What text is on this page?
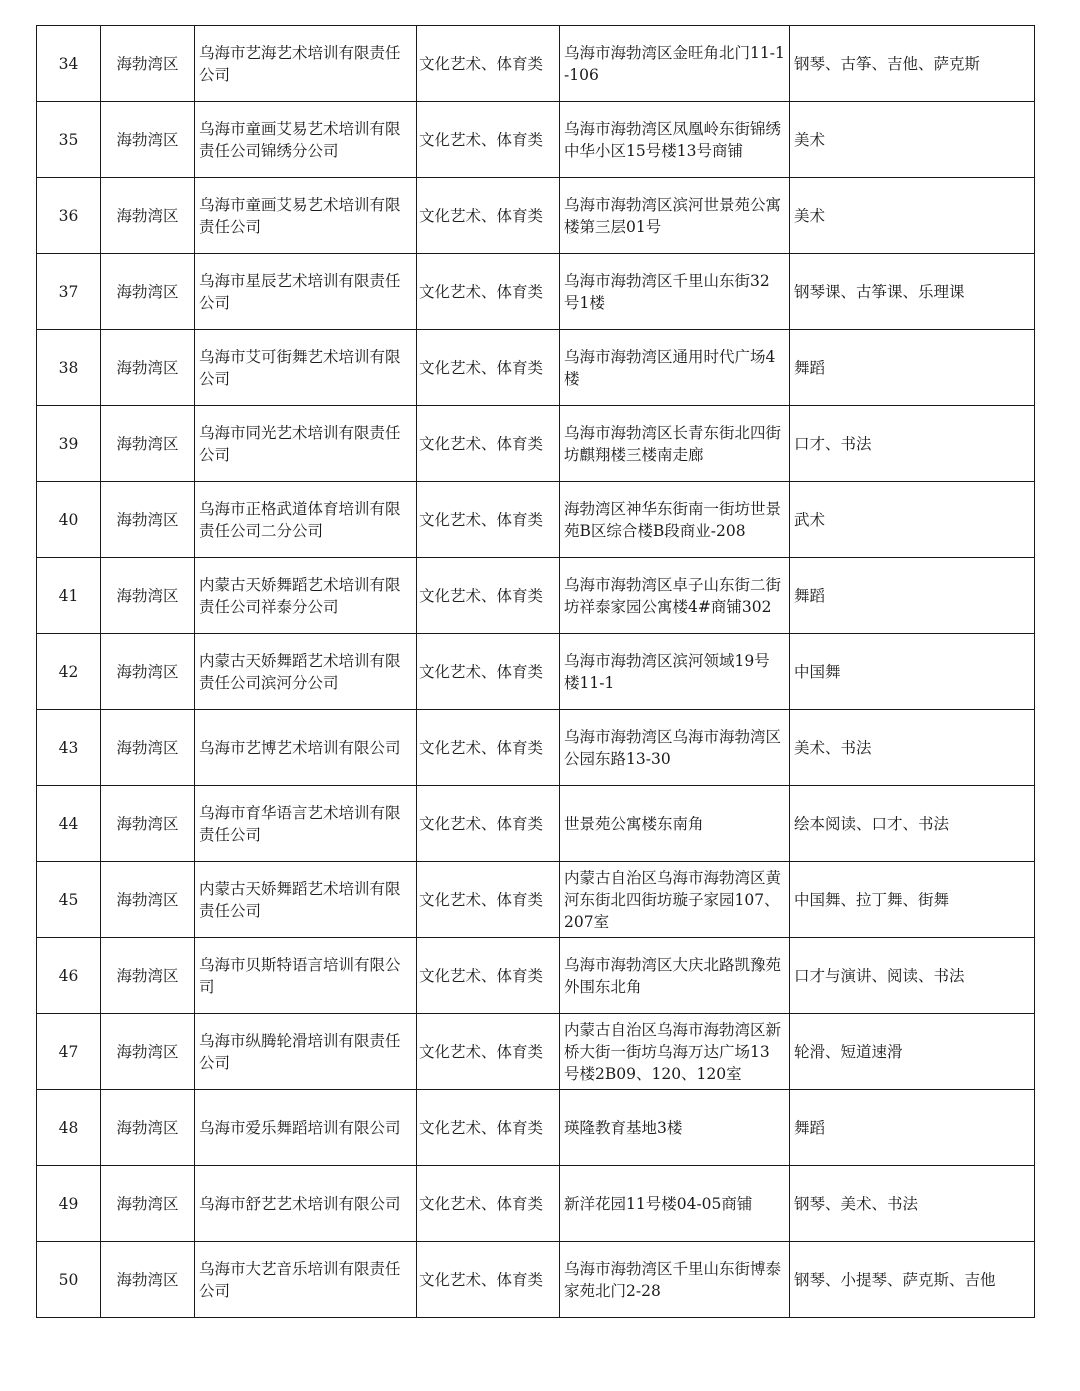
34	海勃湾区	乌海市艺海艺术培训有限责任公司	文化艺术、体育类	乌海市海勃湾区金旺角北门11-1-106	钢琴、古筝、吉他、萨克斯
35	海勃湾区	乌海市童画艾易艺术培训有限责任公司锦绣分公司	文化艺术、体育类	乌海市海勃湾区凤凰岭东街锦绣中华小区15号楼13号商铺	美术
36	海勃湾区	乌海市童画艾易艺术培训有限责任公司	文化艺术、体育类	乌海市海勃湾区滨河世景苑公寓楼第三层01号	美术
37	海勃湾区	乌海市星辰艺术培训有限责任公司	文化艺术、体育类	乌海市海勃湾区千里山东街32号1楼	钢琴课、古筝课、乐理课
38	海勃湾区	乌海市艾可街舞艺术培训有限公司	文化艺术、体育类	乌海市海勃湾区通用时代广场4楼	舞蹈
39	海勃湾区	乌海市同光艺术培训有限责任公司	文化艺术、体育类	乌海市海勃湾区长青东街北四街坊麒翔楼三楼南走廊	口才、书法
40	海勃湾区	乌海市正格武道体育培训有限责任公司二分公司	文化艺术、体育类	海勃湾区神华东街南一街坊世景苑B区综合楼B段商业-208	武术
41	海勃湾区	内蒙古天娇舞蹈艺术培训有限责任公司祥泰分公司	文化艺术、体育类	乌海市海勃湾区卓子山东街二街坊祥泰家园公寓楼4#商铺302	舞蹈
42	海勃湾区	内蒙古天娇舞蹈艺术培训有限责任公司滨河分公司	文化艺术、体育类	乌海市海勃湾区滨河领域19号楼11-1	中国舞
43	海勃湾区	乌海市艺博艺术培训有限公司	文化艺术、体育类	乌海市海勃湾区乌海市海勃湾区公园东路13-30	美术、书法
44	海勃湾区	乌海市育华语言艺术培训有限责任公司	文化艺术、体育类	世景苑公寓楼东南角	绘本阅读、口才、书法
45	海勃湾区	内蒙古天娇舞蹈艺术培训有限责任公司	文化艺术、体育类	内蒙古自治区乌海市海勃湾区黄河东街北四街坊璇子家园107、207室	中国舞、拉丁舞、街舞
46	海勃湾区	乌海市贝斯特语言培训有限公司	文化艺术、体育类	乌海市海勃湾区大庆北路凯豫苑外围东北角	口才与演讲、阅读、书法
47	海勃湾区	乌海市纵腾轮滑培训有限责任公司	文化艺术、体育类	内蒙古自治区乌海市海勃湾区新桥大街一街坊乌海万达广场13号楼2B09、120、120室	轮滑、短道速滑
48	海勃湾区	乌海市爱乐舞蹈培训有限公司	文化艺术、体育类	瑛隆教育基地3楼	舞蹈
49	海勃湾区	乌海市舒艺艺术培训有限公司	文化艺术、体育类	新洋花园11号楼04-05商铺	钢琴、美术、书法
50	海勃湾区	乌海市大艺音乐培训有限责任公司	文化艺术、体育类	乌海市海勃湾区千里山东街博泰家苑北门2-28	钢琴、小提琴、萨克斯、吉他
